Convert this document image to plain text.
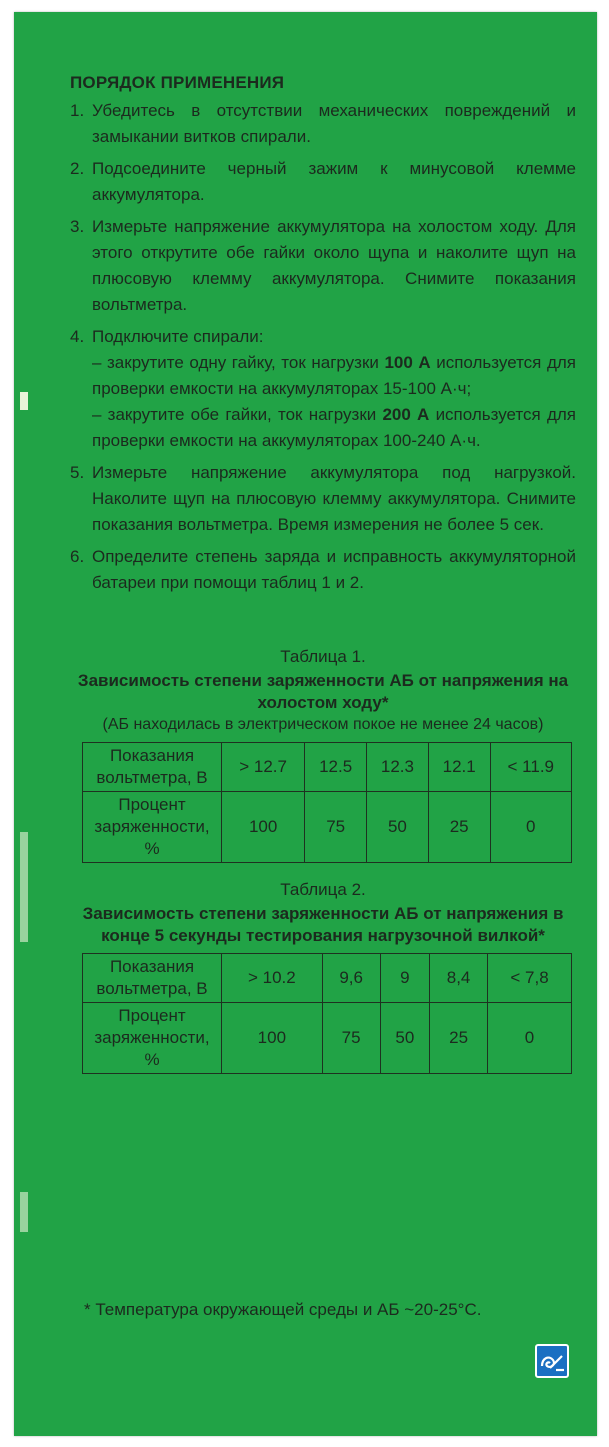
ПОРЯДОК ПРИМЕНЕНИЯ
1. Убедитесь в отсутствии механических повреждений и замыкании витков спирали.
2. Подсоедините черный зажим к минусовой клемме аккумулятора.
3. Измерьте напряжение аккумулятора на холостом ходу. Для этого открутите обе гайки около щупа и наколите щуп на плюсовую клемму аккумулятора. Снимите показания вольтметра.
4. Подключите спирали:
– закрутите одну гайку, ток нагрузки 100 А используется для проверки емкости на аккумуляторах 15-100 А·ч;
– закрутите обе гайки, ток нагрузки 200 А используется для проверки емкости на аккумуляторах 100-240 А·ч.
5. Измерьте напряжение аккумулятора под нагрузкой. Наколите щуп на плюсовую клемму аккумулятора. Снимите показания вольтметра. Время измерения не более 5 сек.
6. Определите степень заряда и исправность аккумуляторной батареи при помощи таблиц 1 и 2.
Таблица 1.
Зависимость степени заряженности АБ от напряжения на холостом ходу*
(АБ находилась в электрическом покое не менее 24 часов)
Показания вольтметра, В	> 12.7	12.5	12.3	12.1	< 11.9
Процент заряженности, %	100	75	50	25	0
Таблица 2.
Зависимость степени заряженности АБ от напряжения в конце 5 секунды тестирования нагрузочной вилкой*
Показания вольтметра, В	> 10.2	9,6	9	8,4	< 7,8
Процент заряженности, %	100	75	50	25	0
* Температура окружающей среды и АБ ~20-25°C.
